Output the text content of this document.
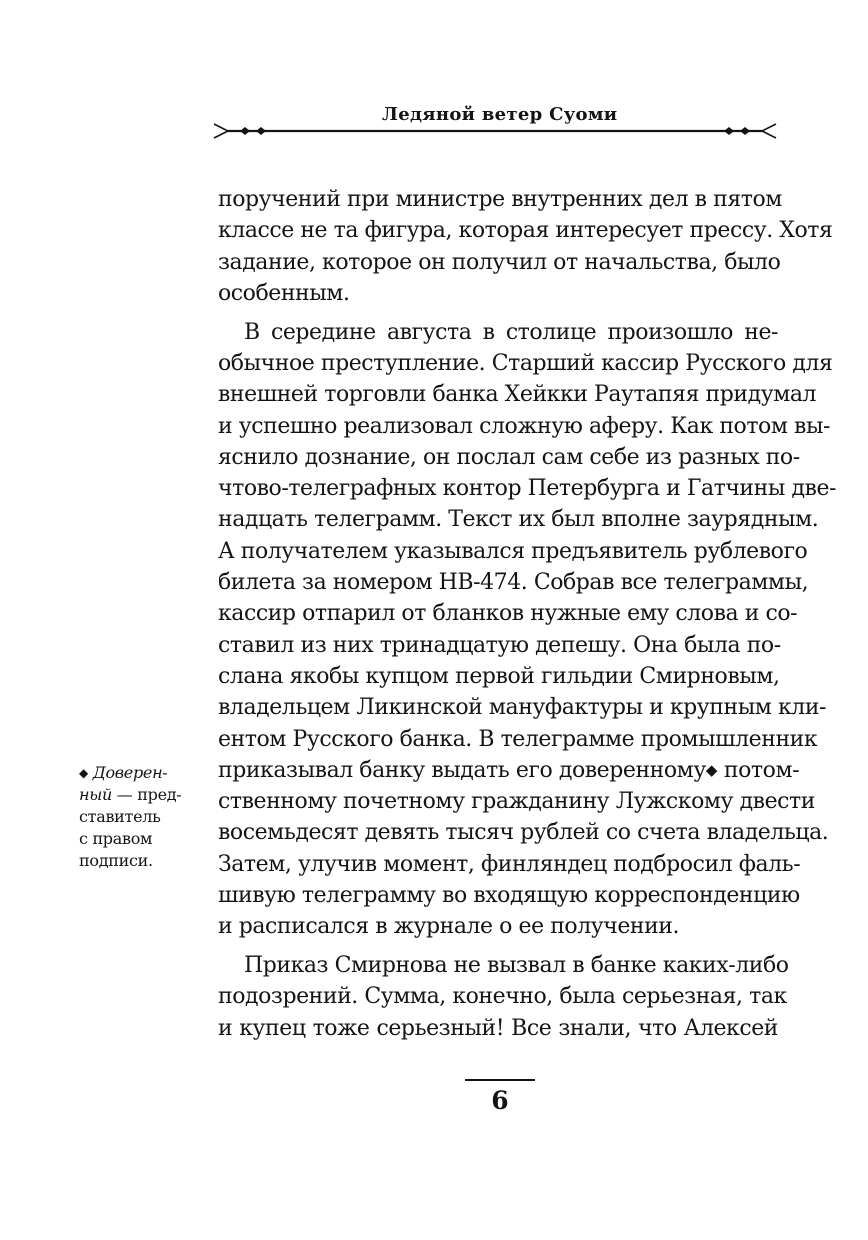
Ледяной ветер Суоми
поручений при министре внутренних дел в пятом
классе не та фигура, которая интересует прессу. Хотя
задание, которое он получил от начальства, было
особенным.
В середине августа в столице произошло не-
обычное преступление. Старший кассир Русского для
внешней торговли банка Хейкки Раутапяя придумал
и успешно реализовал сложную аферу. Как потом вы-
яснило дознание, он послал сам себе из разных по-
чтово-телеграфных контор Петербурга и Гатчины две-
надцать телеграмм. Текст их был вполне заурядным.
А получателем указывался предъявитель рублевого
билета за номером НВ-474. Собрав все телеграммы,
кассир отпарил от бланков нужные ему слова и со-
ставил из них тринадцатую депешу. Она была по-
слана якобы купцом первой гильдии Смирновым,
владельцем Ликинской мануфактуры и крупным кли-
ентом Русского банка. В телеграмме промышленник
приказывал банку выдать его доверенному◆ потом-
ственному почетному гражданину Лужскому двести
восемьдесят девять тысяч рублей со счета владельца.
Затем, улучив момент, финляндец подбросил фаль-
шивую телеграмму во входящую корреспонденцию
и расписался в журнале о ее получении.
Приказ Смирнова не вызвал в банке каких-либо
подозрений. Сумма, конечно, была серьезная, так
и купец тоже серьезный! Все знали, что Алексей
◆ Доверен-
ный — пред-
ставитель
с правом
подписи.
6
